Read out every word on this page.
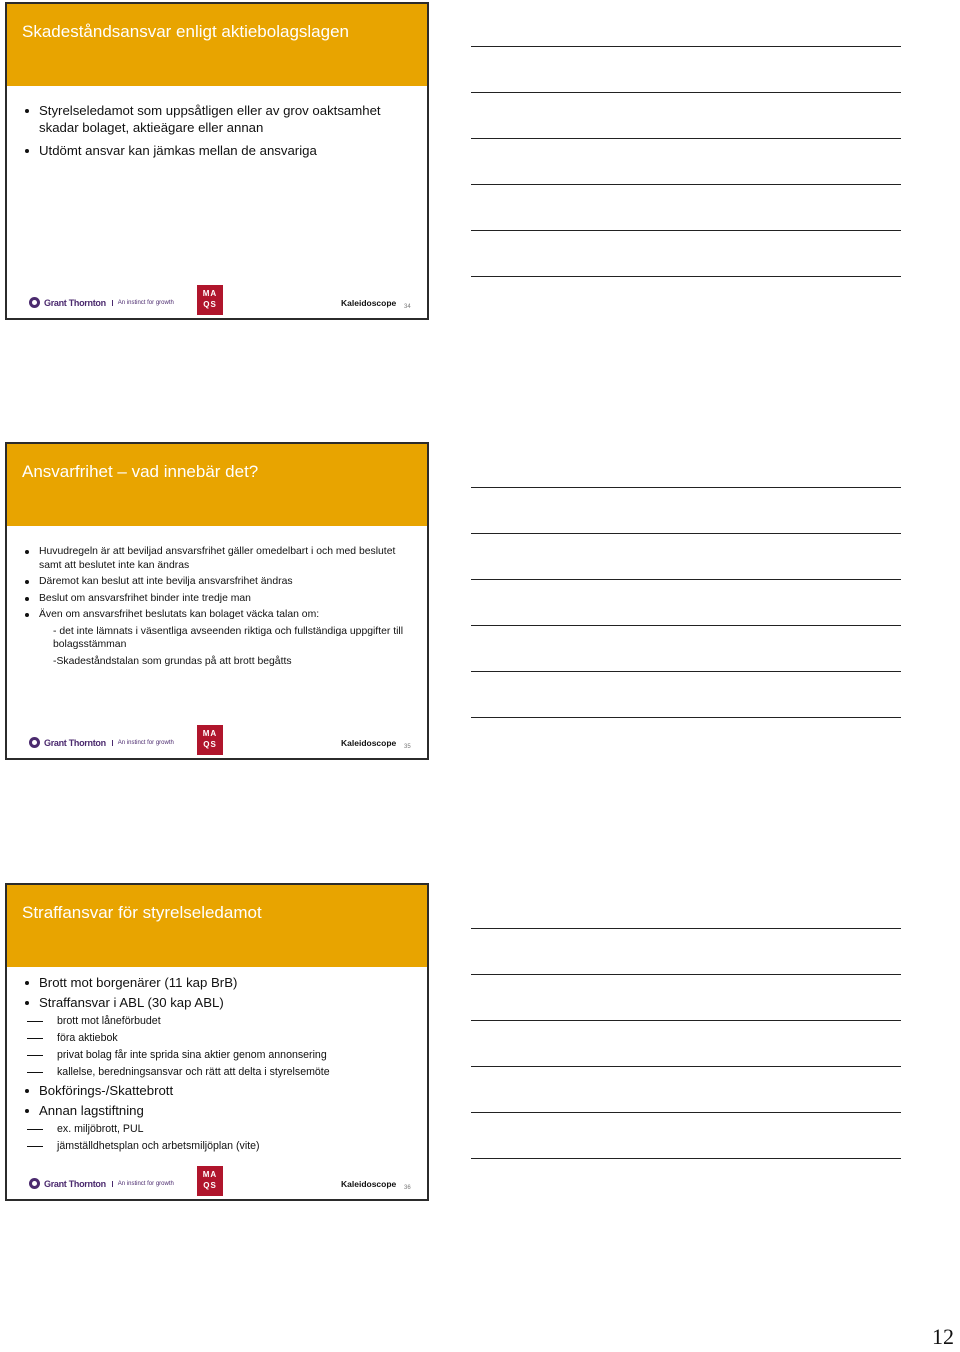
Skadeståndsansvar enligt aktiebolagslagen

Styrelseledamot som uppsåtligen eller av grov oaktsamhet skadar bolaget, aktieägare eller annan

Utdömt ansvar kan jämkas mellan de ansvariga

Grant Thornton	An instinct for growth
MA
QS	Kaleidoscope 34
Ansvarfrihet – vad innebär det?

Huvudregeln är att beviljad ansvarsfrihet gäller omedelbart i och med beslutet samt att beslutet inte kan ändras

Däremot kan beslut att inte bevilja ansvarsfrihet ändras

Beslut om ansvarsfrihet binder inte tredje man

Även om ansvarsfrihet beslutats kan bolaget väcka talan om:

- det inte lämnats i väsentliga avseenden riktiga och fullständiga uppgifter till bolagsstämman

-Skadeståndstalan som grundas på att brott begåtts

Grant Thornton	An instinct for growth
MA
QS	Kaleidoscope 35
Straffansvar för styrelseledamot

Brott mot borgenärer (11 kap BrB)

Straffansvar i ABL (30 kap ABL)

brott mot låneförbudet
föra aktiebok
privat bolag får inte sprida sina aktier genom annonsering
kallelse, beredningsansvar och rätt att delta i styrelsemöte

Bokförings-/Skattebrott

Annan lagstiftning

ex. miljöbrott, PUL
jämställdhetsplan och arbetsmiljöplan (vite)
Grant Thornton	An instinct for growth
MA
QS	Kaleidoscope 36
12
